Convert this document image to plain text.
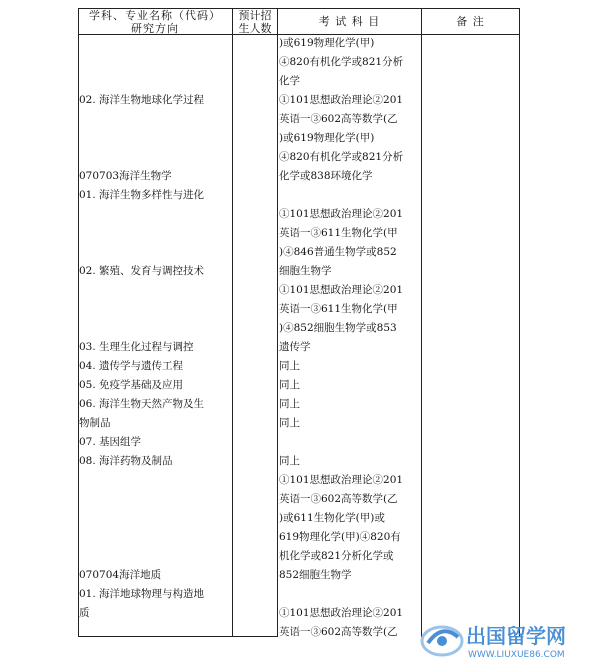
学科、专业名称（代码）
研究方向
预计招
生人数
考 试 科 目	备 注
02. 海洋生物地球化学过程
070703海洋生物学
01. 海洋生物多样性与进化
02. 繁殖、发育与调控技术
03. 生理生化过程与调控
04. 遗传学与遗传工程
05. 免疫学基础及应用
06. 海洋生物天然产物及生
物制品
07. 基因组学
08. 海洋药物及制品
070704海洋地质
01. 海洋地球物理与构造地
质
)或619物理化学(甲)
④820有机化学或821分析
化学
①101思想政治理论②201
英语一③602高等数学(乙
)或619物理化学(甲)
④820有机化学或821分析
化学或838环境化学
①101思想政治理论②201
英语一③611生物化学(甲
)④846普通生物学或852
细胞生物学
①101思想政治理论②201
英语一③611生物化学(甲
)④852细胞生物学或853
遗传学
同上
同上
同上
同上
同上
①101思想政治理论②201
英语一③602高等数学(乙
)或611生物化学(甲)或
619物理化学(甲)④820有
机化学或821分析化学或
852细胞生物学
①101思想政治理论②201
英语一③602高等数学(乙	出国留学网
WWW.LIUXUE86.COM
